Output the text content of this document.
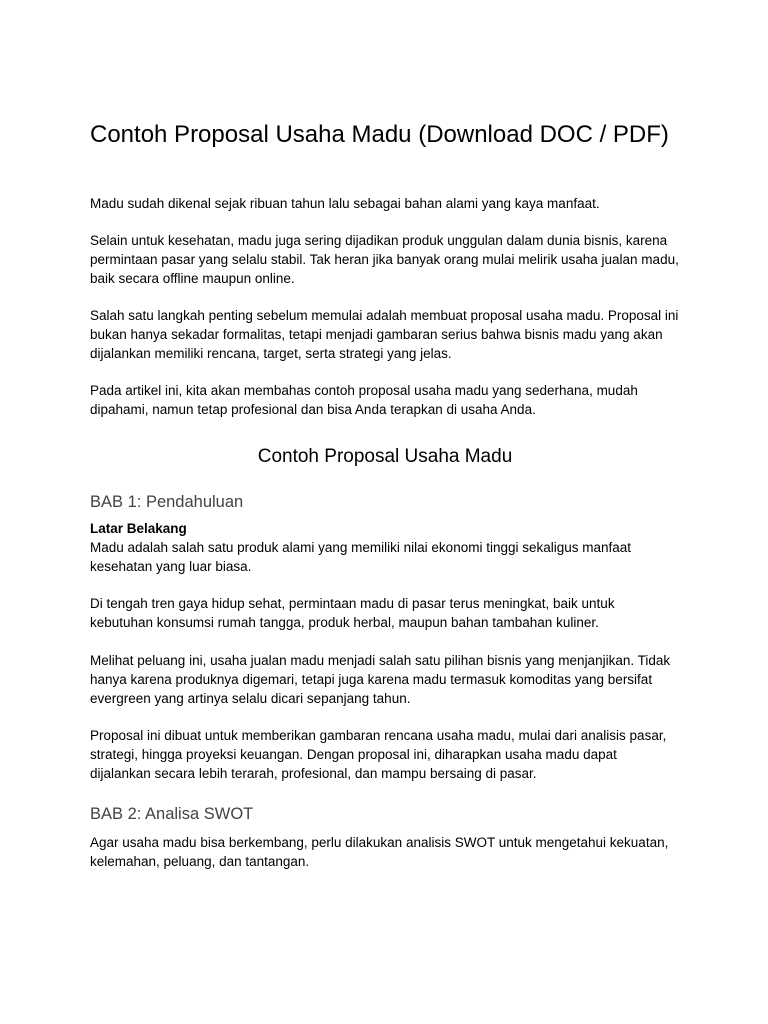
Contoh Proposal Usaha Madu (Download DOC / PDF)

Madu sudah dikenal sejak ribuan tahun lalu sebagai bahan alami yang kaya manfaat.

Selain untuk kesehatan, madu juga sering dijadikan produk unggulan dalam dunia bisnis, karena permintaan pasar yang selalu stabil. Tak heran jika banyak orang mulai melirik usaha jualan madu, baik secara offline maupun online.

Salah satu langkah penting sebelum memulai adalah membuat proposal usaha madu. Proposal ini bukan hanya sekadar formalitas, tetapi menjadi gambaran serius bahwa bisnis madu yang akan dijalankan memiliki rencana, target, serta strategi yang jelas.

Pada artikel ini, kita akan membahas contoh proposal usaha madu yang sederhana, mudah dipahami, namun tetap profesional dan bisa Anda terapkan di usaha Anda.

Contoh Proposal Usaha Madu
BAB 1: Pendahuluan

Latar Belakang

Madu adalah salah satu produk alami yang memiliki nilai ekonomi tinggi sekaligus manfaat kesehatan yang luar biasa.

Di tengah tren gaya hidup sehat, permintaan madu di pasar terus meningkat, baik untuk kebutuhan konsumsi rumah tangga, produk herbal, maupun bahan tambahan kuliner.

Melihat peluang ini, usaha jualan madu menjadi salah satu pilihan bisnis yang menjanjikan. Tidak hanya karena produknya digemari, tetapi juga karena madu termasuk komoditas yang bersifat evergreen yang artinya selalu dicari sepanjang tahun.

Proposal ini dibuat untuk memberikan gambaran rencana usaha madu, mulai dari analisis pasar, strategi, hingga proyeksi keuangan. Dengan proposal ini, diharapkan usaha madu dapat dijalankan secara lebih terarah, profesional, dan mampu bersaing di pasar.

BAB 2: Analisa SWOT

Agar usaha madu bisa berkembang, perlu dilakukan analisis SWOT untuk mengetahui kekuatan, kelemahan, peluang, dan tantangan.
